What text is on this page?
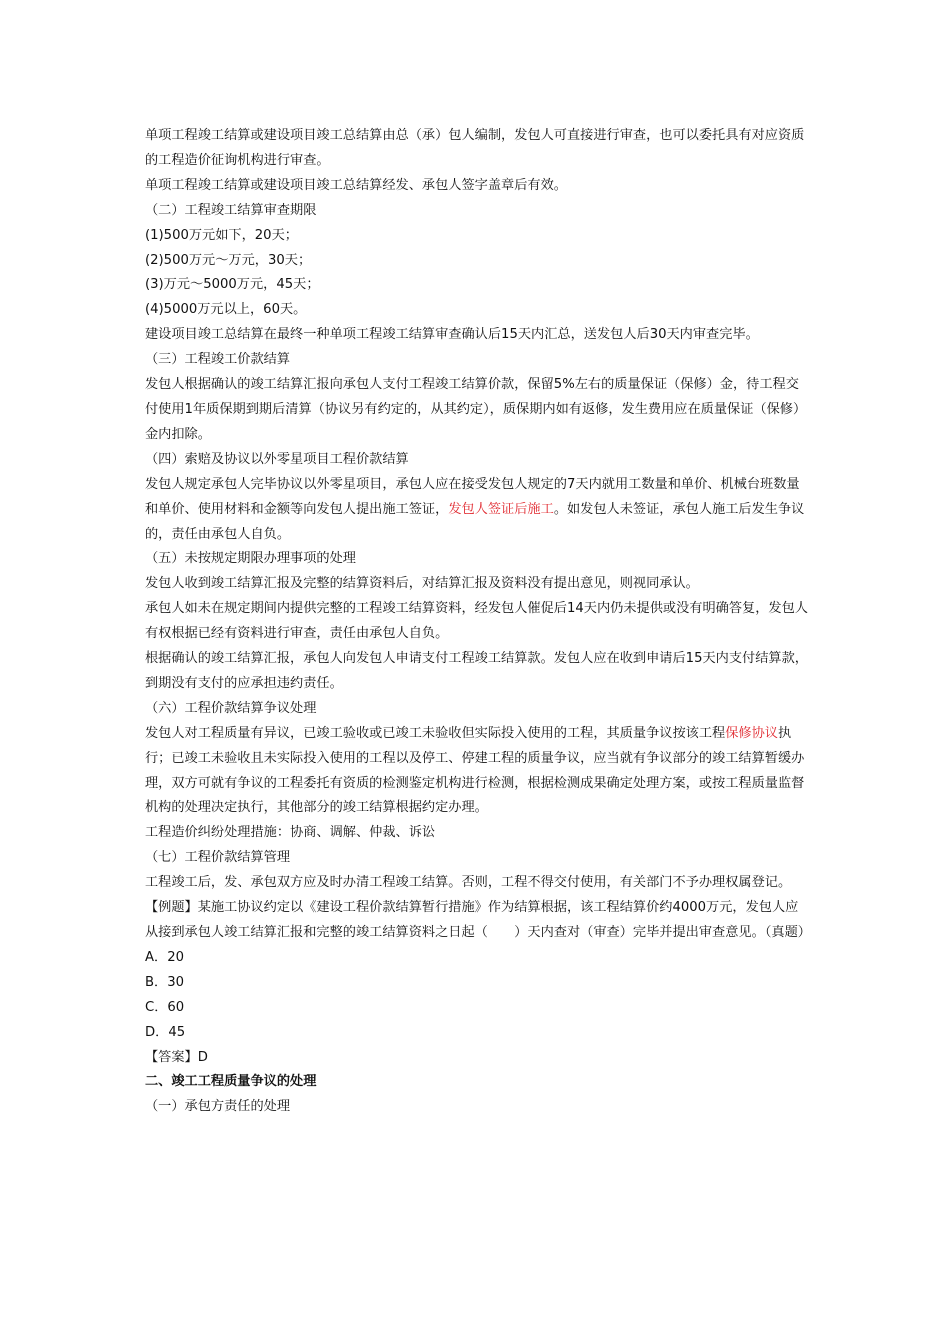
单项工程竣工结算或建设项目竣工总结算由总（承）包人编制，发包人可直接进行审查，也可以委托具有对应资质的工程造价征询机构进行审查。

单项工程竣工结算或建设项目竣工总结算经发、承包人签字盖章后有效。

（二）工程竣工结算审查期限

(1)500万元如下，20天；

(2)500万元～万元，30天；

(3)万元～5000万元，45天；

(4)5000万元以上，60天。

建设项目竣工总结算在最终一种单项工程竣工结算审查确认后15天内汇总，送发包人后30天内审查完毕。

（三）工程竣工价款结算

发包人根据确认的竣工结算汇报向承包人支付工程竣工结算价款，保留5%左右的质量保证（保修）金，待工程交付使用1年质保期到期后清算（协议另有约定的，从其约定），质保期内如有返修，发生费用应在质量保证（保修）金内扣除。

（四）索赔及协议以外零星项目工程价款结算

发包人规定承包人完毕协议以外零星项目，承包人应在接受发包人规定的7天内就用工数量和单价、机械台班数量和单价、使用材料和金额等向发包人提出施工签证，发包人签证后施工。如发包人未签证，承包人施工后发生争议的，责任由承包人自负。

（五）未按规定期限办理事项的处理

发包人收到竣工结算汇报及完整的结算资料后，对结算汇报及资料没有提出意见，则视同承认。

承包人如未在规定期间内提供完整的工程竣工结算资料，经发包人催促后14天内仍未提供或没有明确答复，发包人有权根据已经有资料进行审查，责任由承包人自负。

根据确认的竣工结算汇报，承包人向发包人申请支付工程竣工结算款。发包人应在收到申请后15天内支付结算款，到期没有支付的应承担违约责任。

（六）工程价款结算争议处理

发包人对工程质量有异议，已竣工验收或已竣工未验收但实际投入使用的工程，其质量争议按该工程保修协议执行；已竣工未验收且未实际投入使用的工程以及停工、停建工程的质量争议，应当就有争议部分的竣工结算暂缓办理，双方可就有争议的工程委托有资质的检测鉴定机构进行检测，根据检测成果确定处理方案，或按工程质量监督机构的处理决定执行，其他部分的竣工结算根据约定办理。

工程造价纠纷处理措施：协商、调解、仲裁、诉讼

（七）工程价款结算管理

工程竣工后，发、承包双方应及时办清工程竣工结算。否则，工程不得交付使用，有关部门不予办理权属登记。

【例题】某施工协议约定以《建设工程价款结算暂行措施》作为结算根据，该工程结算价约4000万元，发包人应从接到承包人竣工结算汇报和完整的竣工结算资料之日起（　　）天内查对（审查）完毕并提出审查意见。（真题）

A．20

B．30

C．60

D．45

【答案】D

二、竣工工程质量争议的处理

（一）承包方责任的处理
